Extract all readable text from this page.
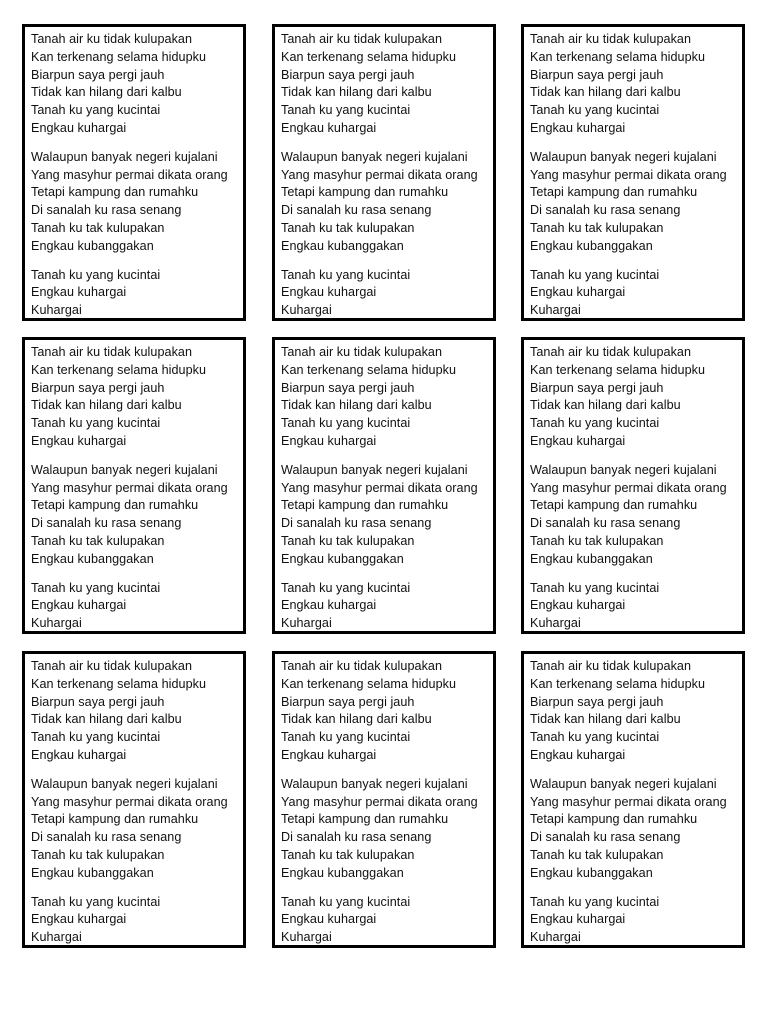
Tanah air ku tidak kulupakan
Kan terkenang selama hidupku
Biarpun saya pergi jauh
Tidak kan hilang dari kalbu
Tanah ku yang kucintai
Engkau kuhargai
Walaupun banyak negeri kujalani
Yang masyhur permai dikata orang
Tetapi kampung dan rumahku
Di sanalah ku rasa senang
Tanah ku tak kulupakan
Engkau kubanggakan
Tanah ku yang kucintai
Engkau kuhargai
Kuhargai
Tanah air ku tidak kulupakan
Kan terkenang selama hidupku
Biarpun saya pergi jauh
Tidak kan hilang dari kalbu
Tanah ku yang kucintai
Engkau kuhargai
Walaupun banyak negeri kujalani
Yang masyhur permai dikata orang
Tetapi kampung dan rumahku
Di sanalah ku rasa senang
Tanah ku tak kulupakan
Engkau kubanggakan
Tanah ku yang kucintai
Engkau kuhargai
Kuhargai
Tanah air ku tidak kulupakan
Kan terkenang selama hidupku
Biarpun saya pergi jauh
Tidak kan hilang dari kalbu
Tanah ku yang kucintai
Engkau kuhargai
Walaupun banyak negeri kujalani
Yang masyhur permai dikata orang
Tetapi kampung dan rumahku
Di sanalah ku rasa senang
Tanah ku tak kulupakan
Engkau kubanggakan
Tanah ku yang kucintai
Engkau kuhargai
Kuhargai
Tanah air ku tidak kulupakan
Kan terkenang selama hidupku
Biarpun saya pergi jauh
Tidak kan hilang dari kalbu
Tanah ku yang kucintai
Engkau kuhargai
Walaupun banyak negeri kujalani
Yang masyhur permai dikata orang
Tetapi kampung dan rumahku
Di sanalah ku rasa senang
Tanah ku tak kulupakan
Engkau kubanggakan
Tanah ku yang kucintai
Engkau kuhargai
Kuhargai
Tanah air ku tidak kulupakan
Kan terkenang selama hidupku
Biarpun saya pergi jauh
Tidak kan hilang dari kalbu
Tanah ku yang kucintai
Engkau kuhargai
Walaupun banyak negeri kujalani
Yang masyhur permai dikata orang
Tetapi kampung dan rumahku
Di sanalah ku rasa senang
Tanah ku tak kulupakan
Engkau kubanggakan
Tanah ku yang kucintai
Engkau kuhargai
Kuhargai
Tanah air ku tidak kulupakan
Kan terkenang selama hidupku
Biarpun saya pergi jauh
Tidak kan hilang dari kalbu
Tanah ku yang kucintai
Engkau kuhargai
Walaupun banyak negeri kujalani
Yang masyhur permai dikata orang
Tetapi kampung dan rumahku
Di sanalah ku rasa senang
Tanah ku tak kulupakan
Engkau kubanggakan
Tanah ku yang kucintai
Engkau kuhargai
Kuhargai
Tanah air ku tidak kulupakan
Kan terkenang selama hidupku
Biarpun saya pergi jauh
Tidak kan hilang dari kalbu
Tanah ku yang kucintai
Engkau kuhargai
Walaupun banyak negeri kujalani
Yang masyhur permai dikata orang
Tetapi kampung dan rumahku
Di sanalah ku rasa senang
Tanah ku tak kulupakan
Engkau kubanggakan
Tanah ku yang kucintai
Engkau kuhargai
Kuhargai
Tanah air ku tidak kulupakan
Kan terkenang selama hidupku
Biarpun saya pergi jauh
Tidak kan hilang dari kalbu
Tanah ku yang kucintai
Engkau kuhargai
Walaupun banyak negeri kujalani
Yang masyhur permai dikata orang
Tetapi kampung dan rumahku
Di sanalah ku rasa senang
Tanah ku tak kulupakan
Engkau kubanggakan
Tanah ku yang kucintai
Engkau kuhargai
Kuhargai
Tanah air ku tidak kulupakan
Kan terkenang selama hidupku
Biarpun saya pergi jauh
Tidak kan hilang dari kalbu
Tanah ku yang kucintai
Engkau kuhargai
Walaupun banyak negeri kujalani
Yang masyhur permai dikata orang
Tetapi kampung dan rumahku
Di sanalah ku rasa senang
Tanah ku tak kulupakan
Engkau kubanggakan
Tanah ku yang kucintai
Engkau kuhargai
Kuhargai
